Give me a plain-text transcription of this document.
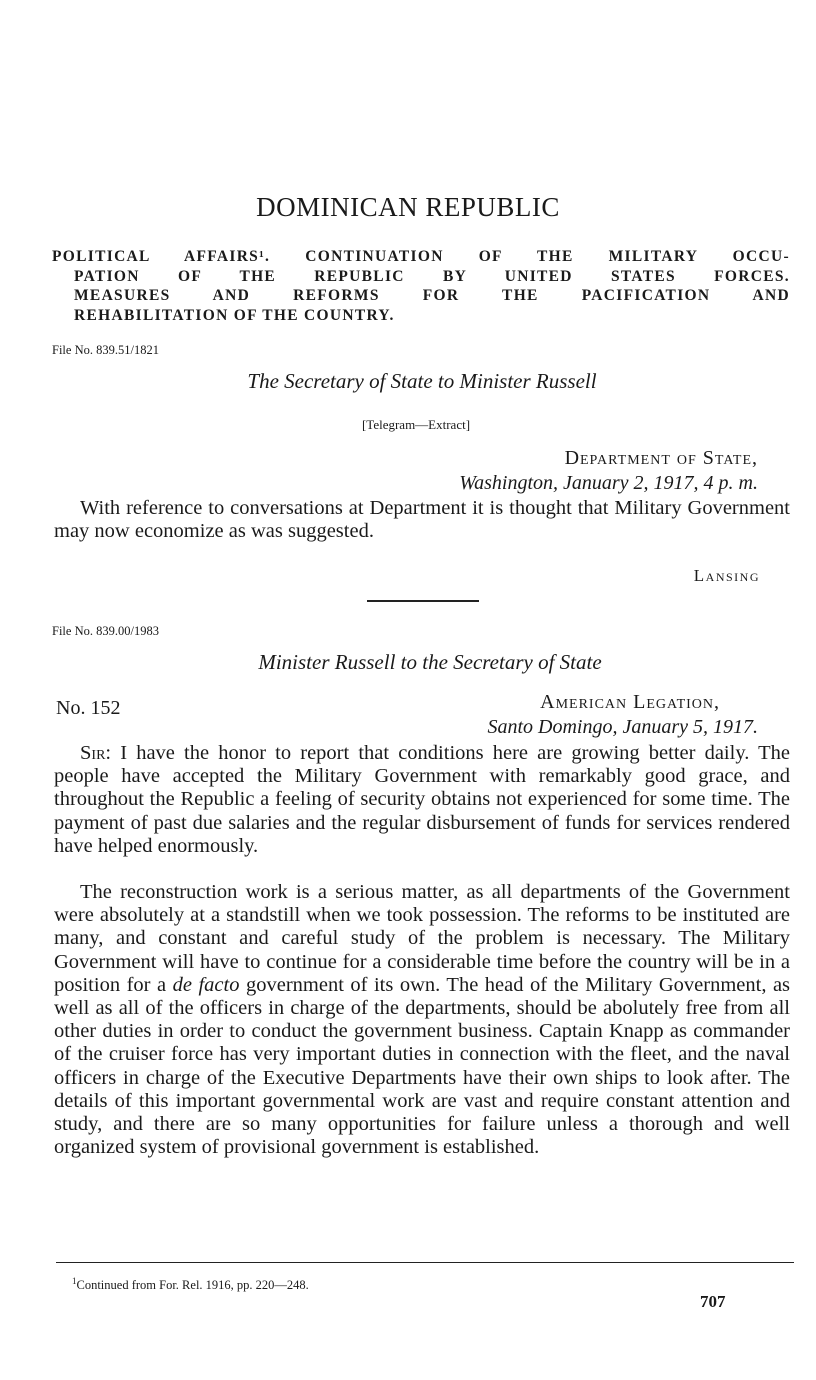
DOMINICAN REPUBLIC
POLITICAL AFFAIRS¹. CONTINUATION OF THE MILITARY OCCU-
PATION OF THE REPUBLIC BY UNITED STATES FORCES.
MEASURES AND REFORMS FOR THE PACIFICATION AND
REHABILITATION OF THE COUNTRY.
File No. 839.51/1821
The Secretary of State to Minister Russell
[Telegram—Extract]
Department of State,
Washington, January 2, 1917, 4 p. m.
With reference to conversations at Department it is thought that Military Government may now economize as was suggested.
Lansing
File No. 839.00/1983
Minister Russell to the Secretary of State
No. 152	American Legation,
Santo Domingo, January 5, 1917.
Sir: I have the honor to report that conditions here are growing better daily. The people have accepted the Military Government with remarkably good grace, and throughout the Republic a feeling of security obtains not experienced for some time. The payment of past due salaries and the regular disbursement of funds for services rendered have helped enormously.
The reconstruction work is a serious matter, as all departments of the Government were absolutely at a standstill when we took possession. The reforms to be instituted are many, and constant and careful study of the problem is necessary. The Military Government will have to continue for a considerable time before the country will be in a position for a de facto government of its own. The head of the Military Government, as well as all of the officers in charge of the departments, should be abolutely free from all other duties in order to conduct the government business. Captain Knapp as commander of the cruiser force has very important duties in connection with the fleet, and the naval officers in charge of the Executive Departments have their own ships to look after. The details of this important governmental work are vast and require constant attention and study, and there are so many opportunities for failure unless a thorough and well organized system of provisional government is established.
$^1$Continued from For. Rel. 1916, pp. 220—248.
707
